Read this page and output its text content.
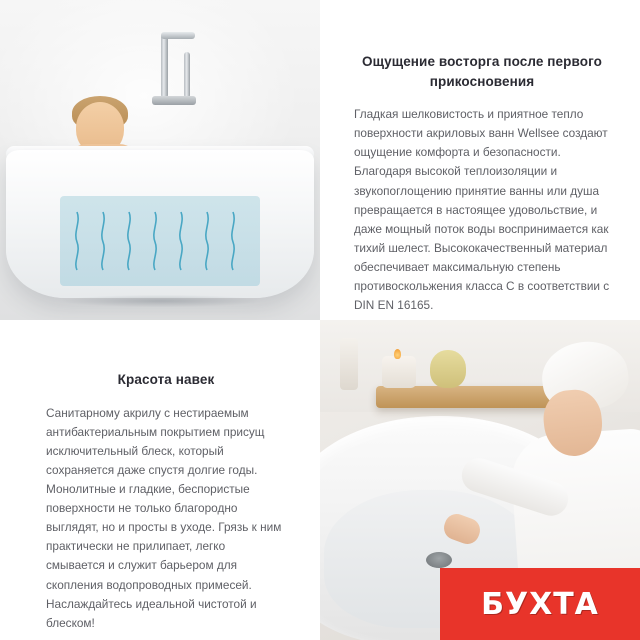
Ощущение восторга после первого прикосновения

Гладкая шелковистость и приятное тепло поверхности акриловых ванн Wellsee создают ощущение комфорта и безопасности. Благодаря высокой теплоизоляции и звукопоглощению принятие ванны или душа превращается в настоящее удовольствие, и даже мощный поток воды воспринимается как тихий шелест. Высококачественный материал обеспечивает максимальную степень противоскольжения класса С в соответствии с DIN EN 16165.

Красота навек

Санитарному акрилу с нестираемым антибактериальным покрытием присущ исключительный блеск, который сохраняется даже спустя долгие годы. Монолитные и гладкие, беспористые поверхности не только благородно выглядят, но и просты в уходе. Грязь к ним практически не прилипает, легко смывается и служит барьером для скопления водопроводных примесей. Наслаждайтесь идеальной чистотой и блеском!

БУХТА
